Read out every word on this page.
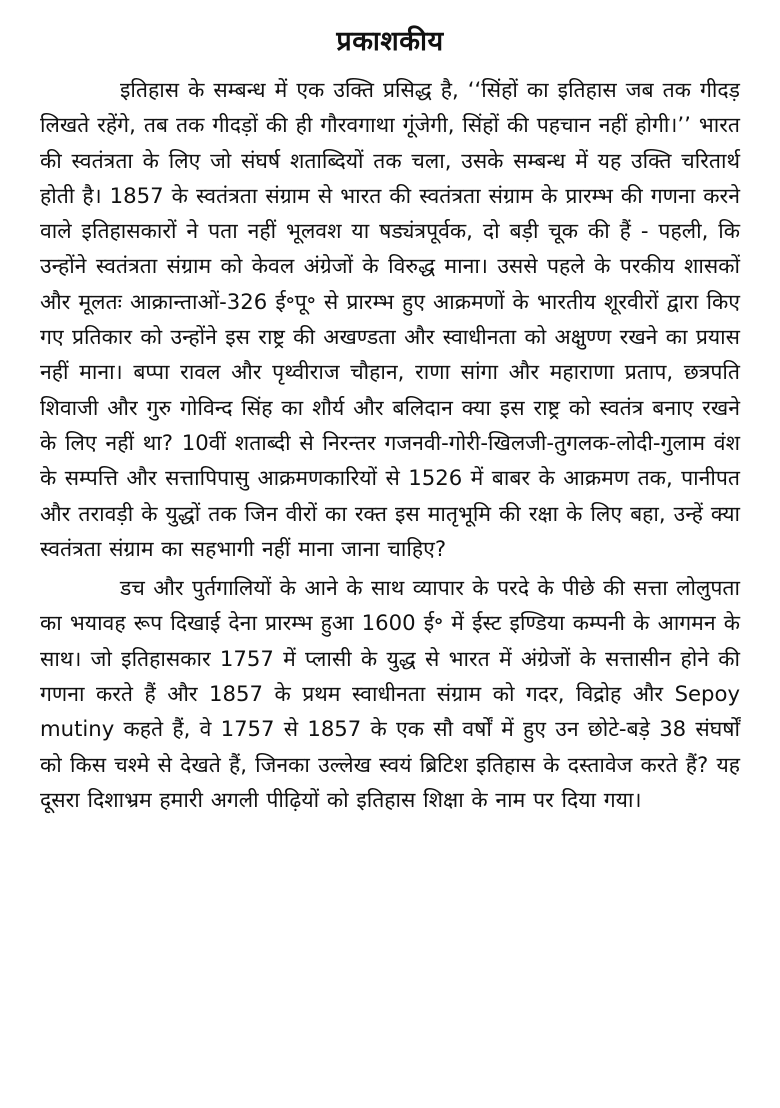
प्रकाशकीय

इतिहास के सम्बन्ध में एक उक्ति प्रसिद्ध है, ‘‘सिंहों का इतिहास जब तक गीदड़ लिखते रहेंगे, तब तक गीदड़ों की ही गौरवगाथा गूंजेगी, सिंहों की पहचान नहीं होगी।’’ भारत की स्वतंत्रता के लिए जो संघर्ष शताब्दियों तक चला, उसके सम्बन्ध में यह उक्ति चरितार्थ होती है। 1857 के स्वतंत्रता संग्राम से भारत की स्वतंत्रता संग्राम के प्रारम्भ की गणना करने वाले इतिहासकारों ने पता नहीं भूलवश या षड्यंत्रपूर्वक, दो बड़ी चूक की हैं - पहली, कि उन्होंने स्वतंत्रता संग्राम को केवल अंग्रेजों के विरुद्ध माना। उससे पहले के परकीय शासकों और मूलतः आक्रान्ताओं-326 ई॰पू॰ से प्रारम्भ हुए आक्रमणों के भारतीय शूरवीरों द्वारा किए गए प्रतिकार को उन्होंने इस राष्ट्र की अखण्डता और स्वाधीनता को अक्षुण्ण रखने का प्रयास नहीं माना। बप्पा रावल और पृथ्वीराज चौहान, राणा सांगा और महाराणा प्रताप, छत्रपति शिवाजी और गुरु गोविन्द सिंह का शौर्य और बलिदान क्या इस राष्ट्र को स्वतंत्र बनाए रखने के लिए नहीं था? 10वीं शताब्दी से निरन्तर गजनवी-गोरी-खिलजी-तुगलक-लोदी-गुलाम वंश के सम्पत्ति और सत्तापिपासु आक्रमणकारियों से 1526 में बाबर के आक्रमण तक, पानीपत और तरावड़ी के युद्धों तक जिन वीरों का रक्त इस मातृभूमि की रक्षा के लिए बहा, उन्हें क्या स्वतंत्रता संग्राम का सहभागी नहीं माना जाना चाहिए?

डच और पुर्तगालियों के आने के साथ व्यापार के परदे के पीछे की सत्ता लोलुपता का भयावह रूप दिखाई देना प्रारम्भ हुआ 1600 ई॰ में ईस्ट इण्डिया कम्पनी के आगमन के साथ। जो इतिहासकार 1757 में प्लासी के युद्ध से भारत में अंग्रेजों के सत्तासीन होने की गणना करते हैं और 1857 के प्रथम स्वाधीनता संग्राम को गदर, विद्रोह और Sepoy mutiny कहते हैं, वे 1757 से 1857 के एक सौ वर्षों में हुए उन छोटे-बड़े 38 संघर्षों को किस चश्मे से देखते हैं, जिनका उल्लेख स्वयं ब्रिटिश इतिहास के दस्तावेज करते हैं? यह दूसरा दिशाभ्रम हमारी अगली पीढ़ियों को इतिहास शिक्षा के नाम पर दिया गया।
